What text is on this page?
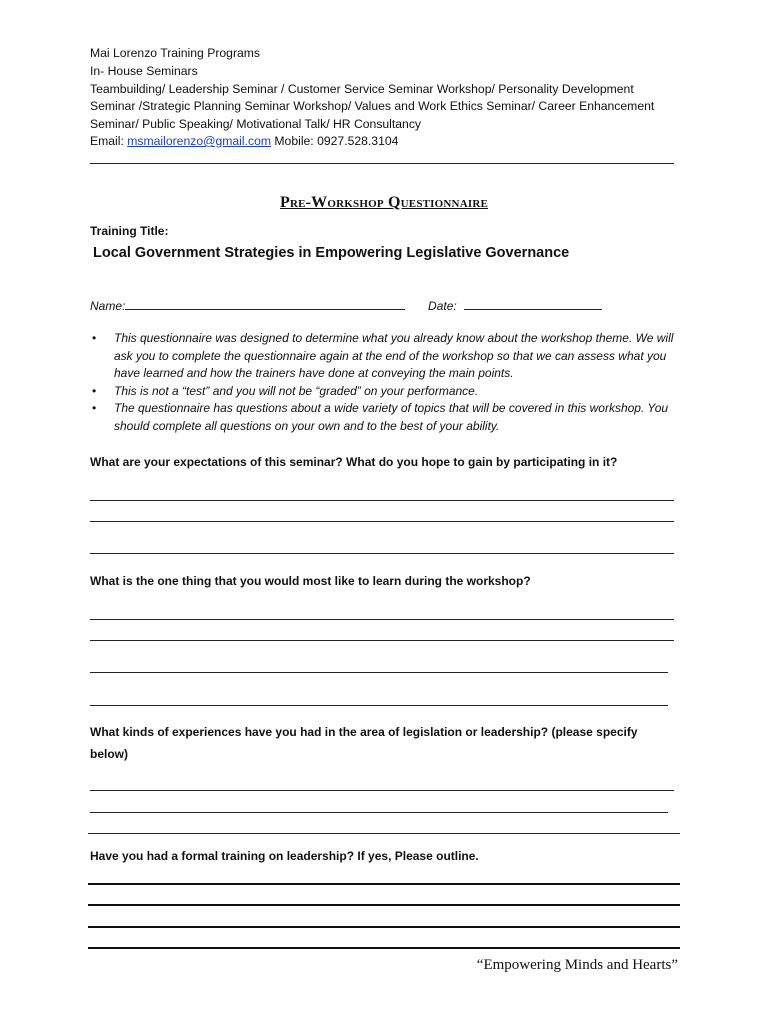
Mai Lorenzo Training Programs
In- House Seminars
Teambuilding/ Leadership Seminar / Customer Service Seminar Workshop/ Personality Development
Seminar /Strategic Planning Seminar Workshop/ Values and Work Ethics Seminar/ Career Enhancement
Seminar/ Public Speaking/ Motivational Talk/ HR Consultancy
Email: msmailorenzo@gmail.com Mobile: 0927.528.3104
Pre-Workshop Questionnaire
Training Title:
Local Government Strategies in Empowering Legislative Governance
Name:	Date:
• This questionnaire was designed to determine what you already know about the workshop theme. We will ask you to complete the questionnaire again at the end of the workshop so that we can assess what you have learned and how the trainers have done at conveying the main points.
• This is not a “test” and you will not be “graded” on your performance.
• The questionnaire has questions about a wide variety of topics that will be covered in this workshop. You should complete all questions on your own and to the best of your ability.
What are your expectations of this seminar? What do you hope to gain by participating in it?
What is the one thing that you would most like to learn during the workshop?
What kinds of experiences have you had in the area of legislation or leadership? (please specify below)
Have you had a formal training on leadership? If yes, Please outline.
“Empowering Minds and Hearts”
